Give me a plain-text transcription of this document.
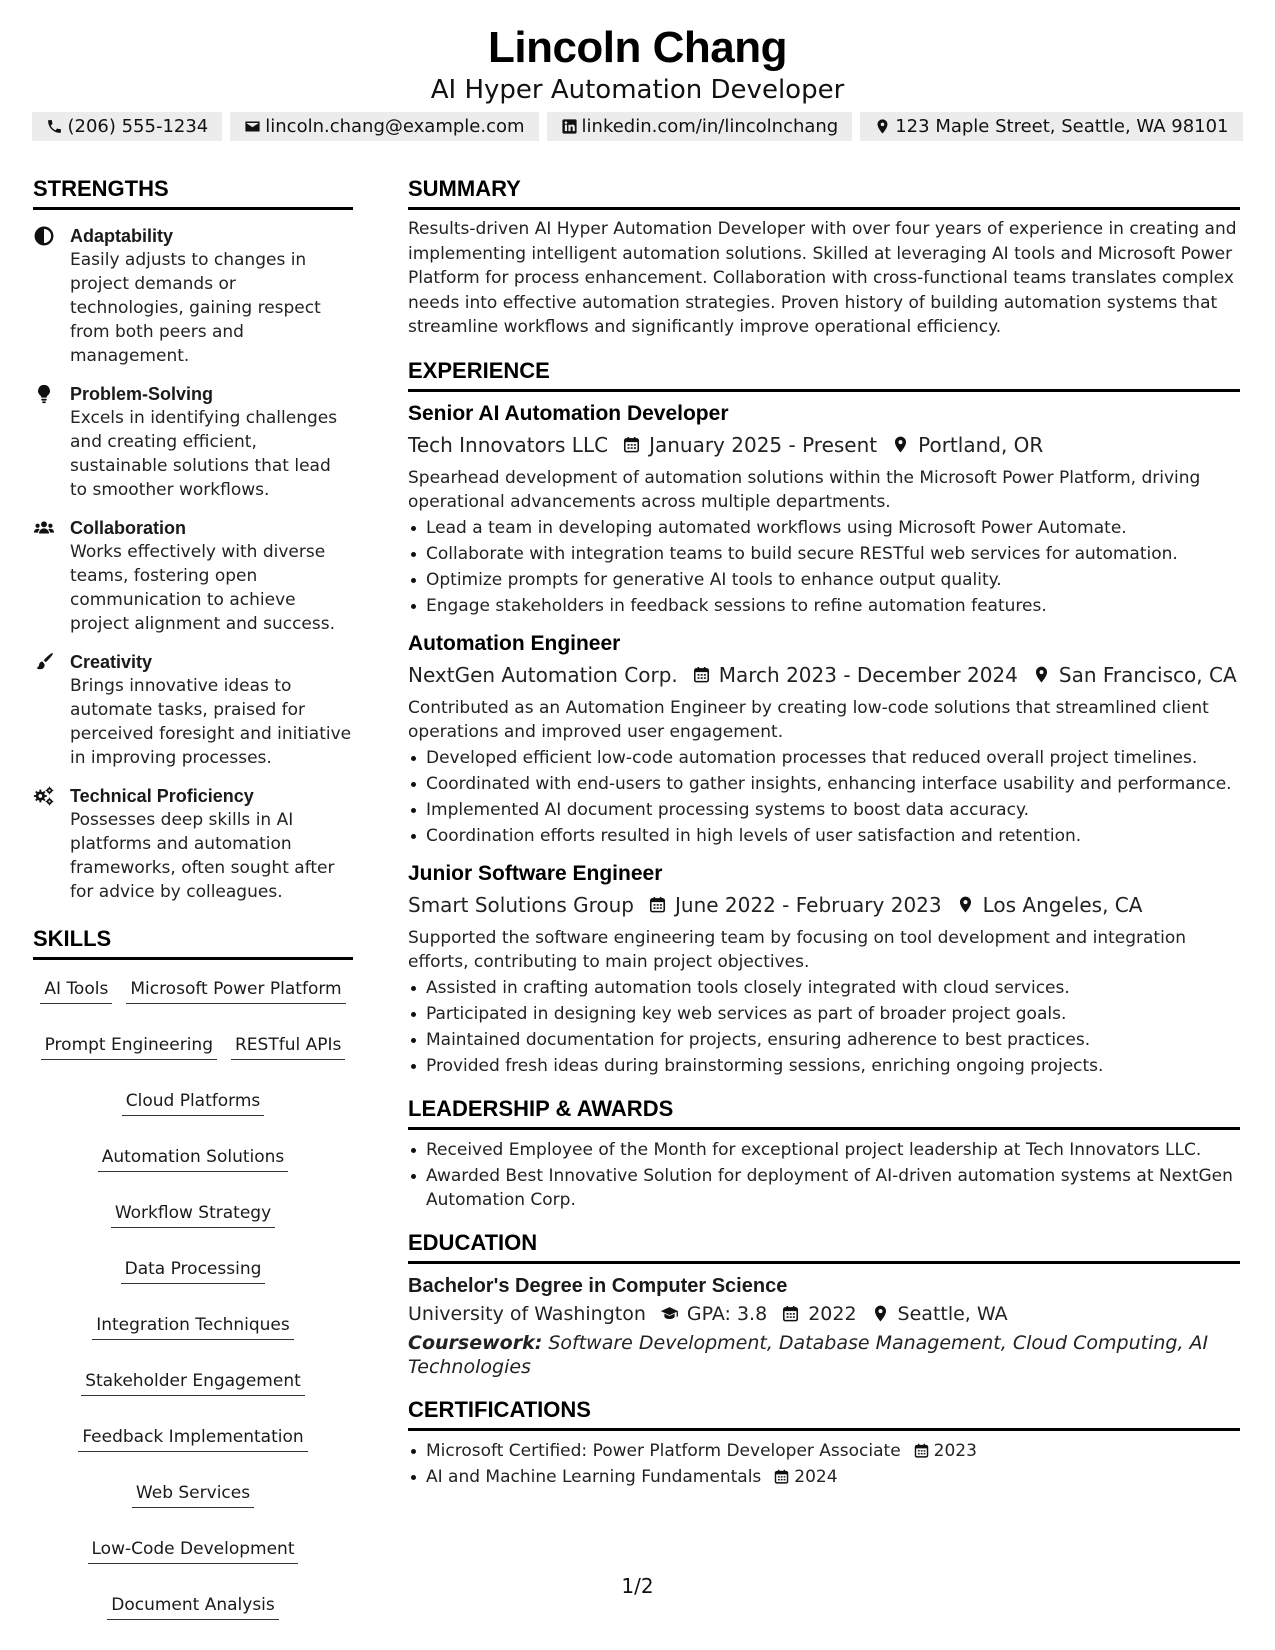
Lincoln Chang
AI Hyper Automation Developer
(206) 555-1234	lincoln.chang@example.com	linkedin.com/in/lincolnchang	123 Maple Street, Seattle, WA 98101
STRENGTHS
Adaptability
Easily adjusts to changes in project demands or technologies, gaining respect from both peers and management.
Problem-Solving
Excels in identifying challenges and creating efficient, sustainable solutions that lead to smoother workflows.
Collaboration
Works effectively with diverse teams, fostering open communication to achieve project alignment and success.
Creativity
Brings innovative ideas to automate tasks, praised for perceived foresight and initiative in improving processes.
Technical Proficiency
Possesses deep skills in AI platforms and automation frameworks, often sought after for advice by colleagues.
SKILLS
AI Tools Microsoft Power Platform
Prompt Engineering RESTful APIs
Cloud Platforms
Automation Solutions
Workflow Strategy
Data Processing
Integration Techniques
Stakeholder Engagement
Feedback Implementation
Web Services
Low-Code Development
Document Analysis
SUMMARY
Results-driven AI Hyper Automation Developer with over four years of experience in creating and implementing intelligent automation solutions. Skilled at leveraging AI tools and Microsoft Power Platform for process enhancement. Collaboration with cross-functional teams translates complex needs into effective automation strategies. Proven history of building automation systems that streamline workflows and significantly improve operational efficiency.
EXPERIENCE
Senior AI Automation Developer
Tech Innovators LLC January 2025 - Present Portland, OR
Spearhead development of automation solutions within the Microsoft Power Platform, driving operational advancements across multiple departments.
Lead a team in developing automated workflows using Microsoft Power Automate.
Collaborate with integration teams to build secure RESTful web services for automation.
Optimize prompts for generative AI tools to enhance output quality.
Engage stakeholders in feedback sessions to refine automation features.
Automation Engineer
NextGen Automation Corp. March 2023 - December 2024 San Francisco, CA
Contributed as an Automation Engineer by creating low-code solutions that streamlined client operations and improved user engagement.
Developed efficient low-code automation processes that reduced overall project timelines.
Coordinated with end-users to gather insights, enhancing interface usability and performance.
Implemented AI document processing systems to boost data accuracy.
Coordination efforts resulted in high levels of user satisfaction and retention.
Junior Software Engineer
Smart Solutions Group June 2022 - February 2023 Los Angeles, CA
Supported the software engineering team by focusing on tool development and integration efforts, contributing to main project objectives.
Assisted in crafting automation tools closely integrated with cloud services.
Participated in designing key web services as part of broader project goals.
Maintained documentation for projects, ensuring adherence to best practices.
Provided fresh ideas during brainstorming sessions, enriching ongoing projects.
LEADERSHIP & AWARDS
Received Employee of the Month for exceptional project leadership at Tech Innovators LLC.
Awarded Best Innovative Solution for deployment of AI-driven automation systems at NextGen Automation Corp.
EDUCATION
Bachelor's Degree in Computer Science
University of Washington GPA: 3.8 2022 Seattle, WA
Coursework: Software Development, Database Management, Cloud Computing, AI Technologies
CERTIFICATIONS
Microsoft Certified: Power Platform Developer Associate 2023
AI and Machine Learning Fundamentals 2024
1/2
